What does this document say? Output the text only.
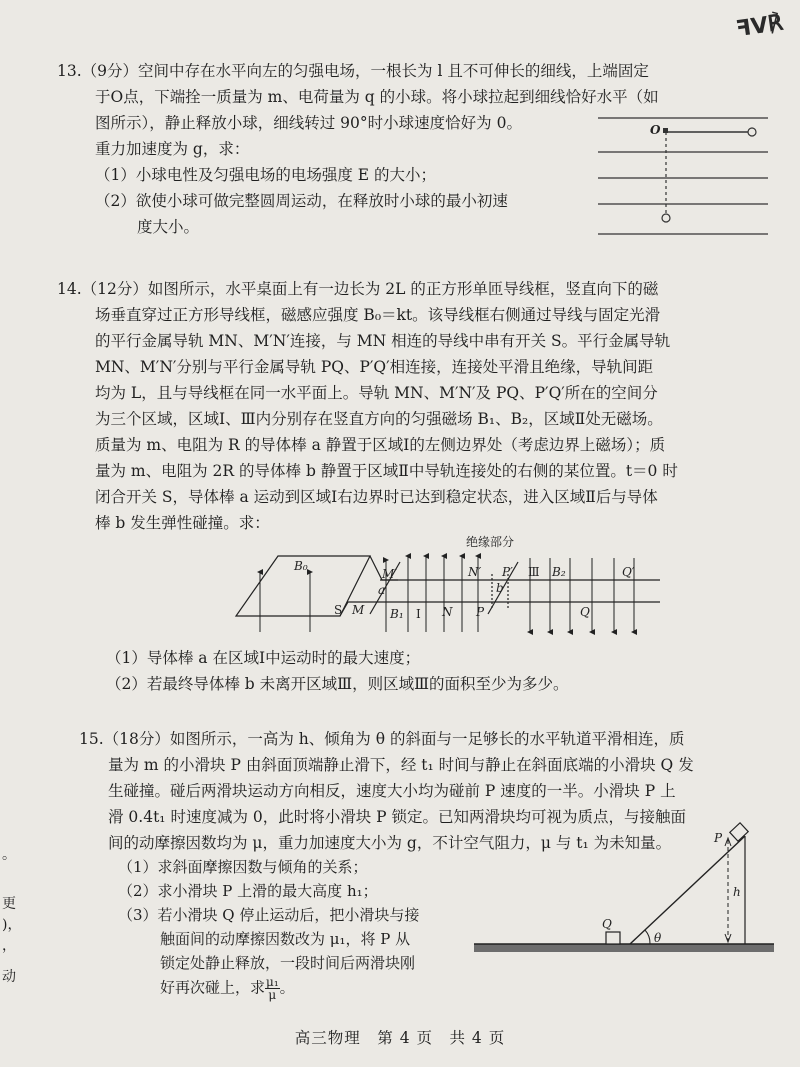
ꟻV℟
13.（9分）空间中存在水平向左的匀强电场，一根长为 l 且不可伸长的细线，上端固定
于O点，下端拴一质量为 m、电荷量为 q 的小球。将小球拉起到细线恰好水平（如
图所示），静止释放小球，细线转过 90°时小球速度恰好为 0。
重力加速度为 g，求：
（1）小球电性及匀强电场的电场强度 E 的大小；
（2）欲使小球可做完整圆周运动，在释放时小球的最小初速
度大小。
O
14.（12分）如图所示，水平桌面上有一边长为 2L 的正方形单匝导线框，竖直向下的磁
场垂直穿过正方形导线框，磁感应强度 B₀＝kt。该导线框右侧通过导线与固定光滑
的平行金属导轨 MN、M′N′连接，与 MN 相连的导线中串有开关 S。平行金属导轨
MN、M′N′分别与平行金属导轨 PQ、P′Q′相连接，连接处平滑且绝缘，导轨间距
均为 L，且与导线框在同一水平面上。导轨 MN、M′N′及 PQ、P′Q′所在的空间分
为三个区域，区域Ⅰ、Ⅲ内分别存在竖直方向的匀强磁场 B₁、B₂，区域Ⅱ处无磁场。
质量为 m、电阻为 R 的导体棒 a 静置于区域Ⅰ的左侧边界处（考虑边界上磁场）；质
量为 m、电阻为 2R 的导体棒 b 静置于区域Ⅱ中导轨连接处的右侧的某位置。t＝0 时
闭合开关 S，导体棒 a 运动到区域Ⅰ右边界时已达到稳定状态，进入区域Ⅱ后与导体
棒 b 发生弹性碰撞。求：
绝缘部分
B₀
M′	N′ P′ Ⅲ B₂	Q′
S M
a
B₁ Ⅰ N
b
P	Q
（1）导体棒 a 在区域Ⅰ中运动时的最大速度；
（2）若最终导体棒 b 未离开区域Ⅲ，则区域Ⅲ的面积至少为多少。
15.（18分）如图所示，一高为 h、倾角为 θ 的斜面与一足够长的水平轨道平滑相连，质
量为 m 的小滑块 P 由斜面顶端静止滑下，经 t₁ 时间与静止在斜面底端的小滑块 Q 发
生碰撞。碰后两滑块运动方向相反，速度大小均为碰前 P 速度的一半。小滑块 P 上
滑 0.4t₁ 时速度减为 0，此时将小滑块 P 锁定。已知两滑块均可视为质点，与接触面
间的动摩擦因数均为 μ，重力加速度大小为 g，不计空气阻力，μ 与 t₁ 为未知量。
（1）求斜面摩擦因数与倾角的关系；
（2）求小滑块 P 上滑的最大高度 h₁；
（3）若小滑块 Q 停止运动后，把小滑块与接
触面间的动摩擦因数改为 μ₁，将 P 从
锁定处静止释放，一段时间后两滑块刚
好再次碰上，求 $\frac{\text{μ₁}}{\mu}$ 。
P
Q
h
θ
。
更
)，
，
动
高三物理　第 4 页　共 4 页
